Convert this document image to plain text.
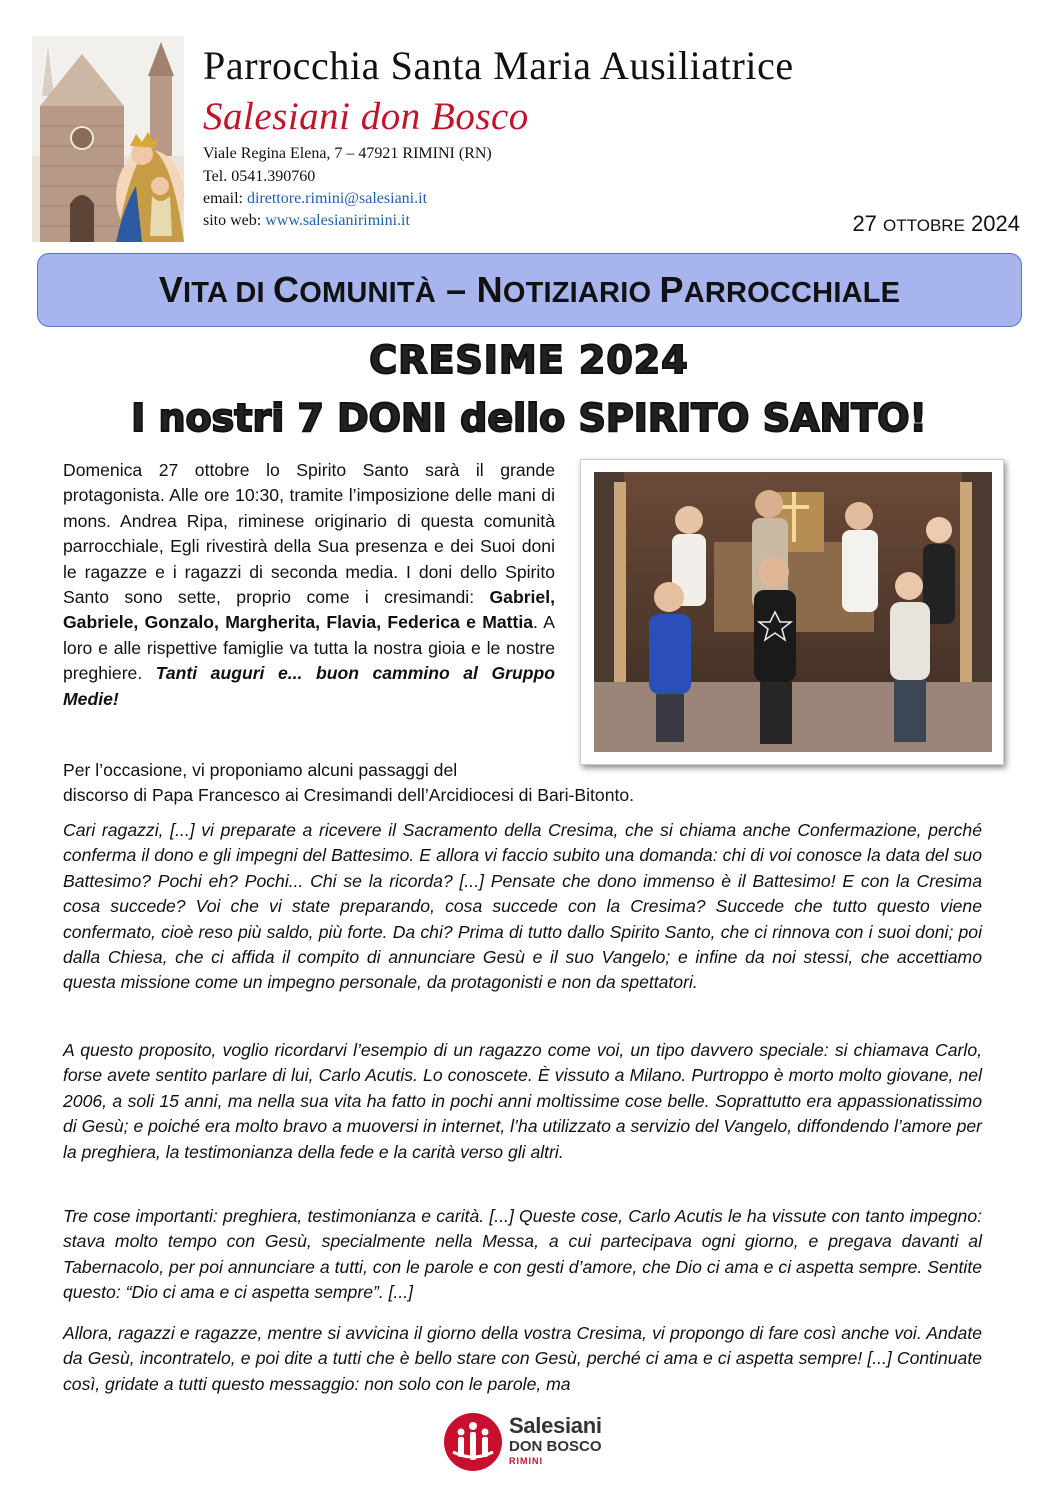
Parrocchia Santa Maria Ausiliatrice
Salesiani don Bosco
Viale Regina Elena, 7 – 47921 RIMINI (RN)
Tel. 0541.390760
email: direttore.rimini@salesiani.it
sito web: www.salesianirimini.it	27 OTTOBRE 2024
VITA DI COMUNITÀ – NOTIZIARIO PARROCCHIALE
CRESIME 2024
I nostri 7 DONI dello SPIRITO SANTO!
Domenica 27 ottobre lo Spirito Santo sarà il grande protagonista. Alle ore 10:30, tramite l’imposizione delle mani di mons. Andrea Ripa, riminese originario di questa comunità parrocchiale, Egli rivestirà della Sua presenza e dei Suoi doni le ragazze e i ragazzi di seconda media. I doni dello Spirito Santo sono sette, proprio come i cresimandi: Gabriel, Gabriele, Gonzalo, Margherita, Flavia, Federica e Mattia. A loro e alle rispettive famiglie va tutta la nostra gioia e le nostre preghiere. Tanti auguri e... buon cammino al Gruppo Medie!
Per l’occasione, vi proponiamo alcuni passaggi del
discorso di Papa Francesco ai Cresimandi dell’Arcidiocesi di Bari-Bitonto.
Cari ragazzi, [...] vi preparate a ricevere il Sacramento della Cresima, che si chiama anche Confermazione, perché conferma il dono e gli impegni del Battesimo. E allora vi faccio subito una domanda: chi di voi conosce la data del suo Battesimo? Pochi eh? Pochi... Chi se la ricorda? [...] Pensate che dono immenso è il Battesimo! E con la Cresima cosa succede? Voi che vi state preparando, cosa succede con la Cresima? Succede che tutto questo viene confermato, cioè reso più saldo, più forte. Da chi? Prima di tutto dallo Spirito Santo, che ci rinnova con i suoi doni; poi dalla Chiesa, che ci affida il compito di annunciare Gesù e il suo Vangelo; e infine da noi stessi, che accettiamo questa missione come un impegno personale, da protagonisti e non da spettatori.
A questo proposito, voglio ricordarvi l’esempio di un ragazzo come voi, un tipo davvero speciale: si chiamava Carlo, forse avete sentito parlare di lui, Carlo Acutis. Lo conoscete. È vissuto a Milano. Purtroppo è morto molto giovane, nel 2006, a soli 15 anni, ma nella sua vita ha fatto in pochi anni moltissime cose belle. Soprattutto era appassionatissimo di Gesù; e poiché era molto bravo a muoversi in internet, l’ha utilizzato a servizio del Vangelo, diffondendo l’amore per la preghiera, la testimonianza della fede e la carità verso gli altri.
Tre cose importanti: preghiera, testimonianza e carità. [...] Queste cose, Carlo Acutis le ha vissute con tanto impegno: stava molto tempo con Gesù, specialmente nella Messa, a cui partecipava ogni giorno, e pregava davanti al Tabernacolo, per poi annunciare a tutti, con le parole e con gesti d’amore, che Dio ci ama e ci aspetta sempre. Sentite questo: “Dio ci ama e ci aspetta sempre”. [...]
Allora, ragazzi e ragazze, mentre si avvicina il giorno della vostra Cresima, vi propongo di fare così anche voi. Andate da Gesù, incontratelo, e poi dite a tutti che è bello stare con Gesù, perché ci ama e ci aspetta sempre! [...] Continuate così, gridate a tutti questo messaggio: non solo con le parole, ma
Salesiani
DON BOSCO
RIMINI
